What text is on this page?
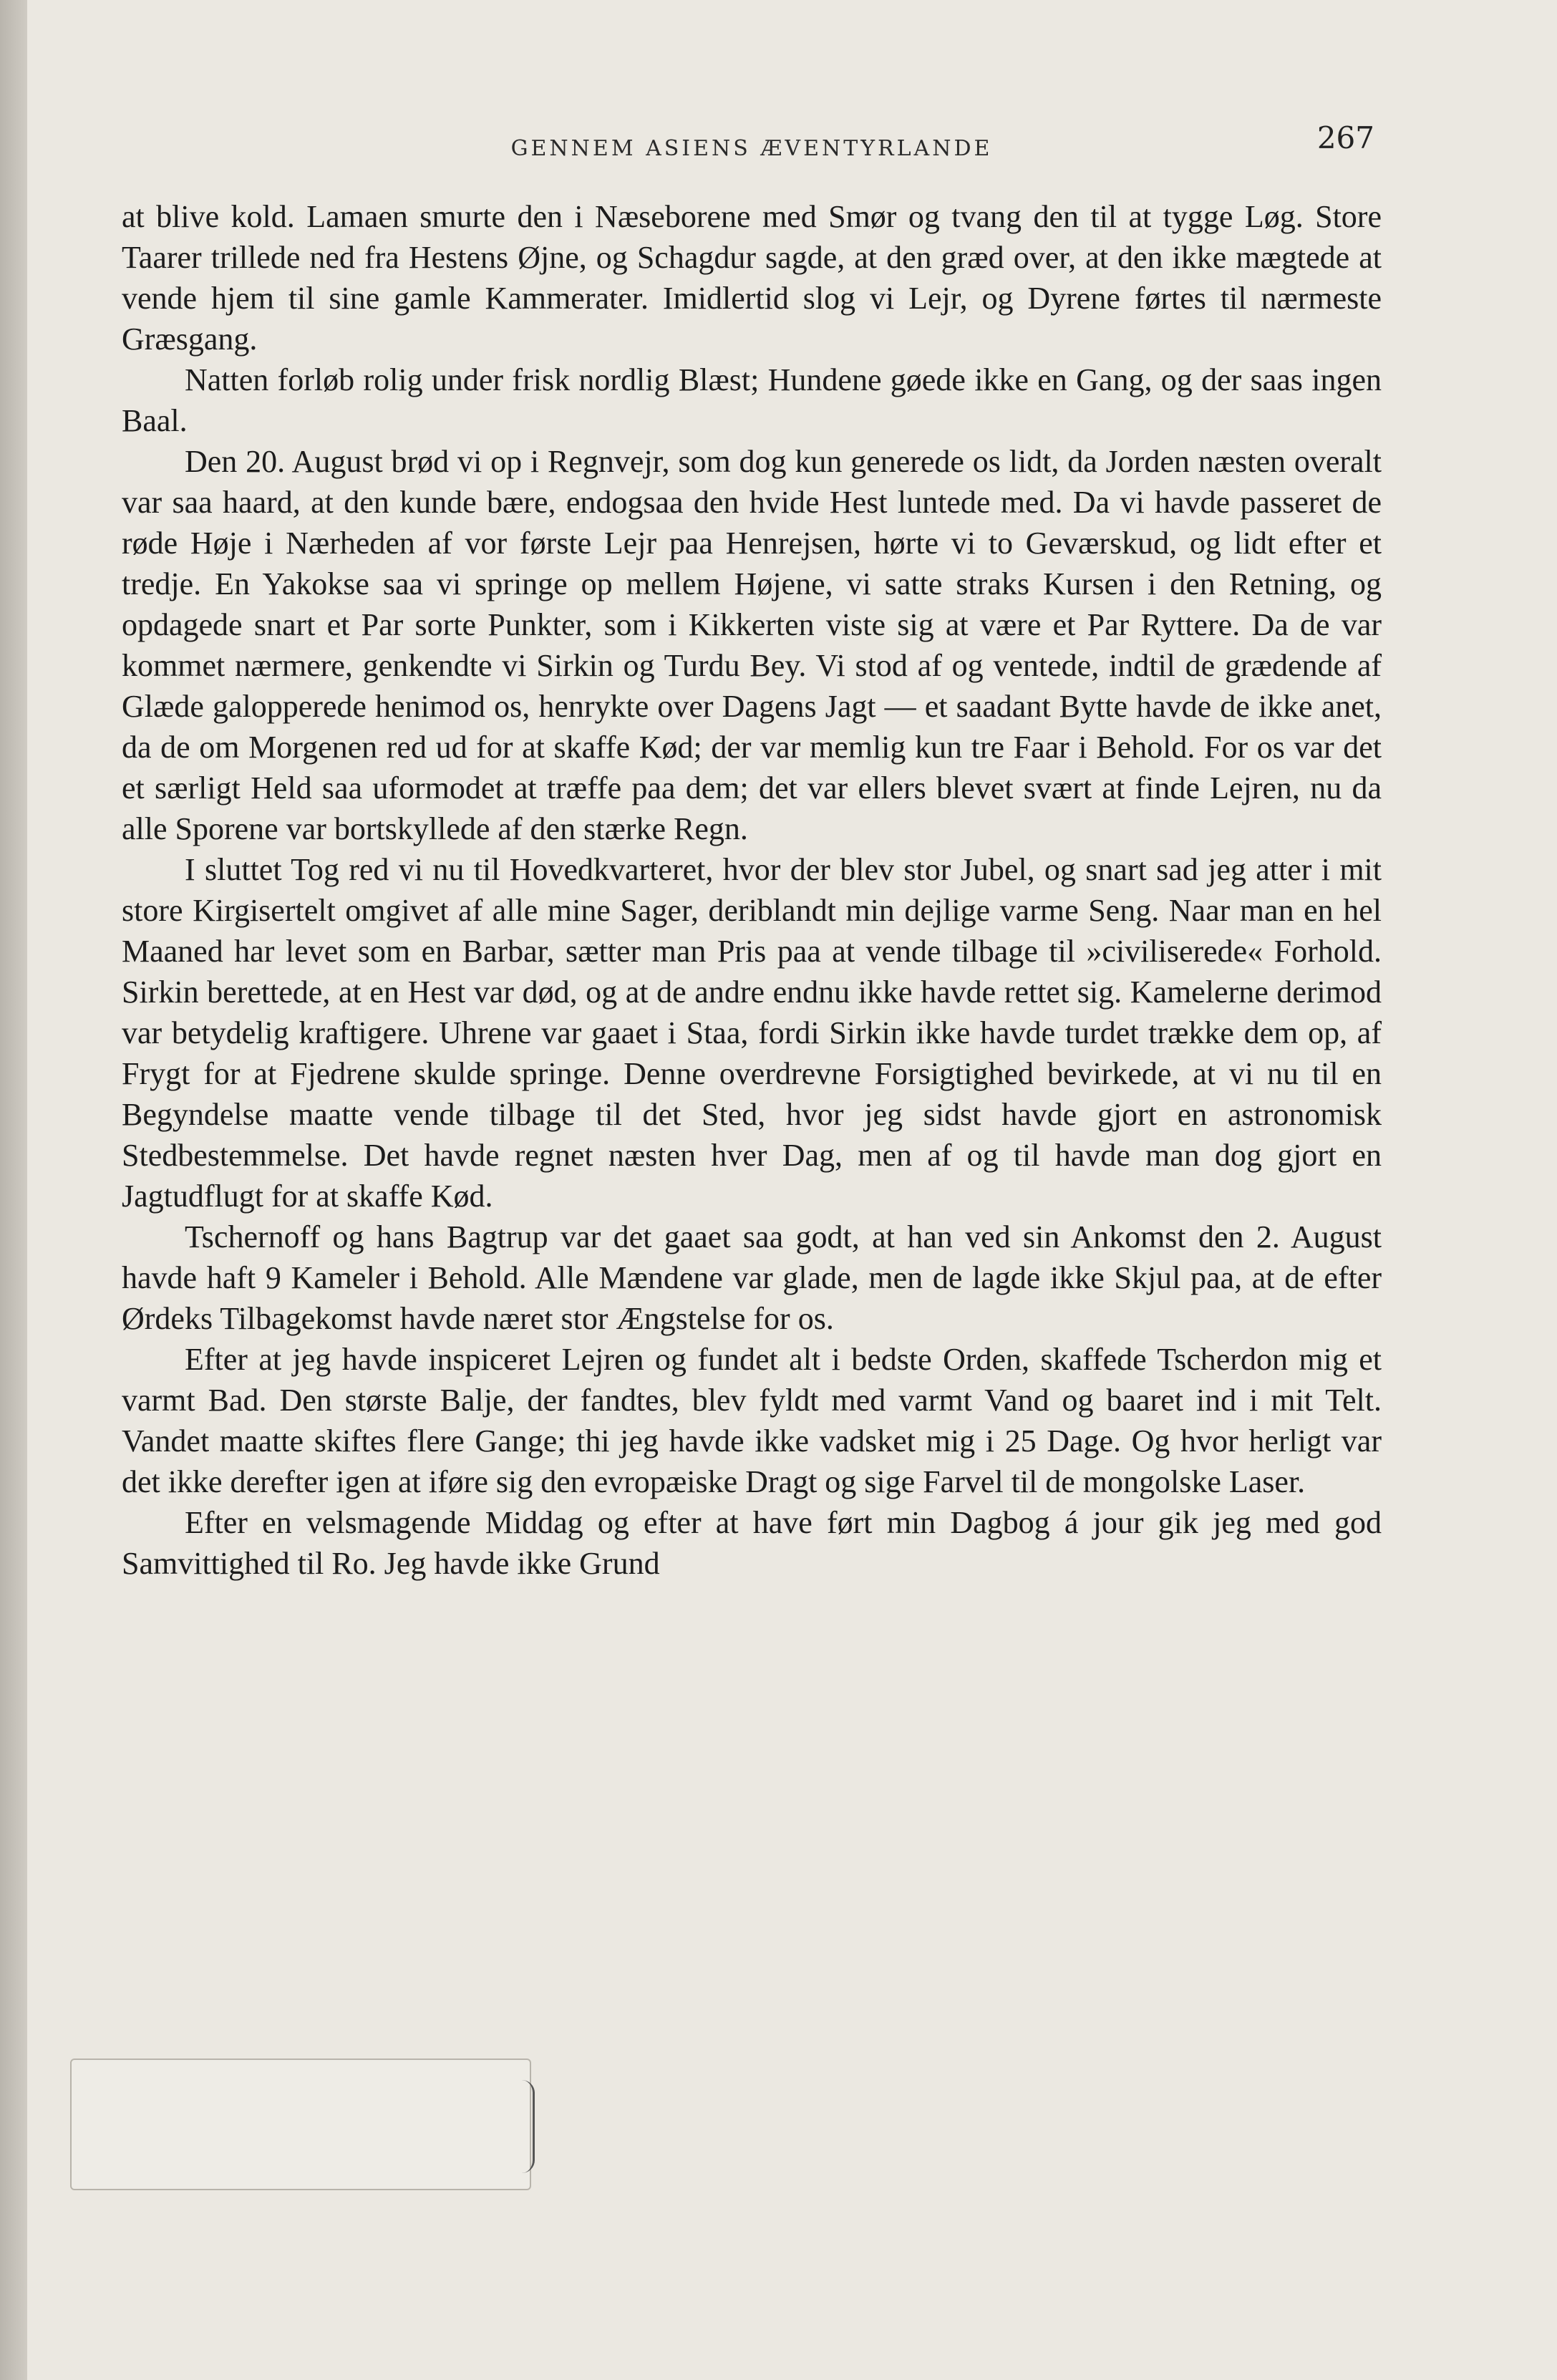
GENNEM ASIENS ÆVENTYRLANDE	267

at blive kold. Lamaen smurte den i Næseborene med Smør og tvang den til at tygge Løg. Store Taarer trillede ned fra Hestens Øjne, og Schagdur sagde, at den græd over, at den ikke mægtede at vende hjem til sine gamle Kammerater. Imidlertid slog vi Lejr, og Dyrene førtes til nærmeste Græsgang.

Natten forløb rolig under frisk nordlig Blæst; Hundene gøede ikke en Gang, og der saas ingen Baal.

Den 20. August brød vi op i Regnvejr, som dog kun generede os lidt, da Jorden næsten overalt var saa haard, at den kunde bære, endogsaa den hvide Hest luntede med. Da vi havde passeret de røde Høje i Nærheden af vor første Lejr paa Henrejsen, hørte vi to Geværskud, og lidt efter et tredje. En Yakokse saa vi springe op mellem Højene, vi satte straks Kursen i den Retning, og opdagede snart et Par sorte Punkter, som i Kikkerten viste sig at være et Par Ryttere. Da de var kommet nærmere, genkendte vi Sirkin og Turdu Bey. Vi stod af og ventede, indtil de grædende af Glæde galopperede henimod os, henrykte over Dagens Jagt — et saadant Bytte havde de ikke anet, da de om Morgenen red ud for at skaffe Kød; der var memlig kun tre Faar i Behold. For os var det et særligt Held saa uformodet at træffe paa dem; det var ellers blevet svært at finde Lejren, nu da alle Sporene var bortskyllede af den stærke Regn.

I sluttet Tog red vi nu til Hovedkvarteret, hvor der blev stor Jubel, og snart sad jeg atter i mit store Kirgisertelt omgivet af alle mine Sager, deriblandt min dejlige varme Seng. Naar man en hel Maaned har levet som en Barbar, sætter man Pris paa at vende tilbage til »civiliserede« Forhold. Sirkin berettede, at en Hest var død, og at de andre endnu ikke havde rettet sig. Kamelerne derimod var betydelig kraftigere. Uhrene var gaaet i Staa, fordi Sirkin ikke havde turdet trække dem op, af Frygt for at Fjedrene skulde springe. Denne overdrevne Forsigtighed bevirkede, at vi nu til en Begyndelse maatte vende tilbage til det Sted, hvor jeg sidst havde gjort en astronomisk Stedbestemmelse. Det havde regnet næsten hver Dag, men af og til havde man dog gjort en Jagtudflugt for at skaffe Kød.

Tschernoff og hans Bagtrup var det gaaet saa godt, at han ved sin Ankomst den 2. August havde haft 9 Kameler i Behold. Alle Mændene var glade, men de lagde ikke Skjul paa, at de efter Ørdeks Tilbagekomst havde næret stor Ængstelse for os.

Efter at jeg havde inspiceret Lejren og fundet alt i bedste Orden, skaffede Tscherdon mig et varmt Bad. Den største Balje, der fandtes, blev fyldt med varmt Vand og baaret ind i mit Telt. Vandet maatte skiftes flere Gange; thi jeg havde ikke vadsket mig i 25 Dage. Og hvor herligt var det ikke derefter igen at iføre sig den evropæiske Dragt og sige Farvel til de mongolske Laser.

Efter en velsmagende Middag og efter at have ført min Dagbog á jour gik jeg med god Samvittighed til Ro. Jeg havde ikke Grund
